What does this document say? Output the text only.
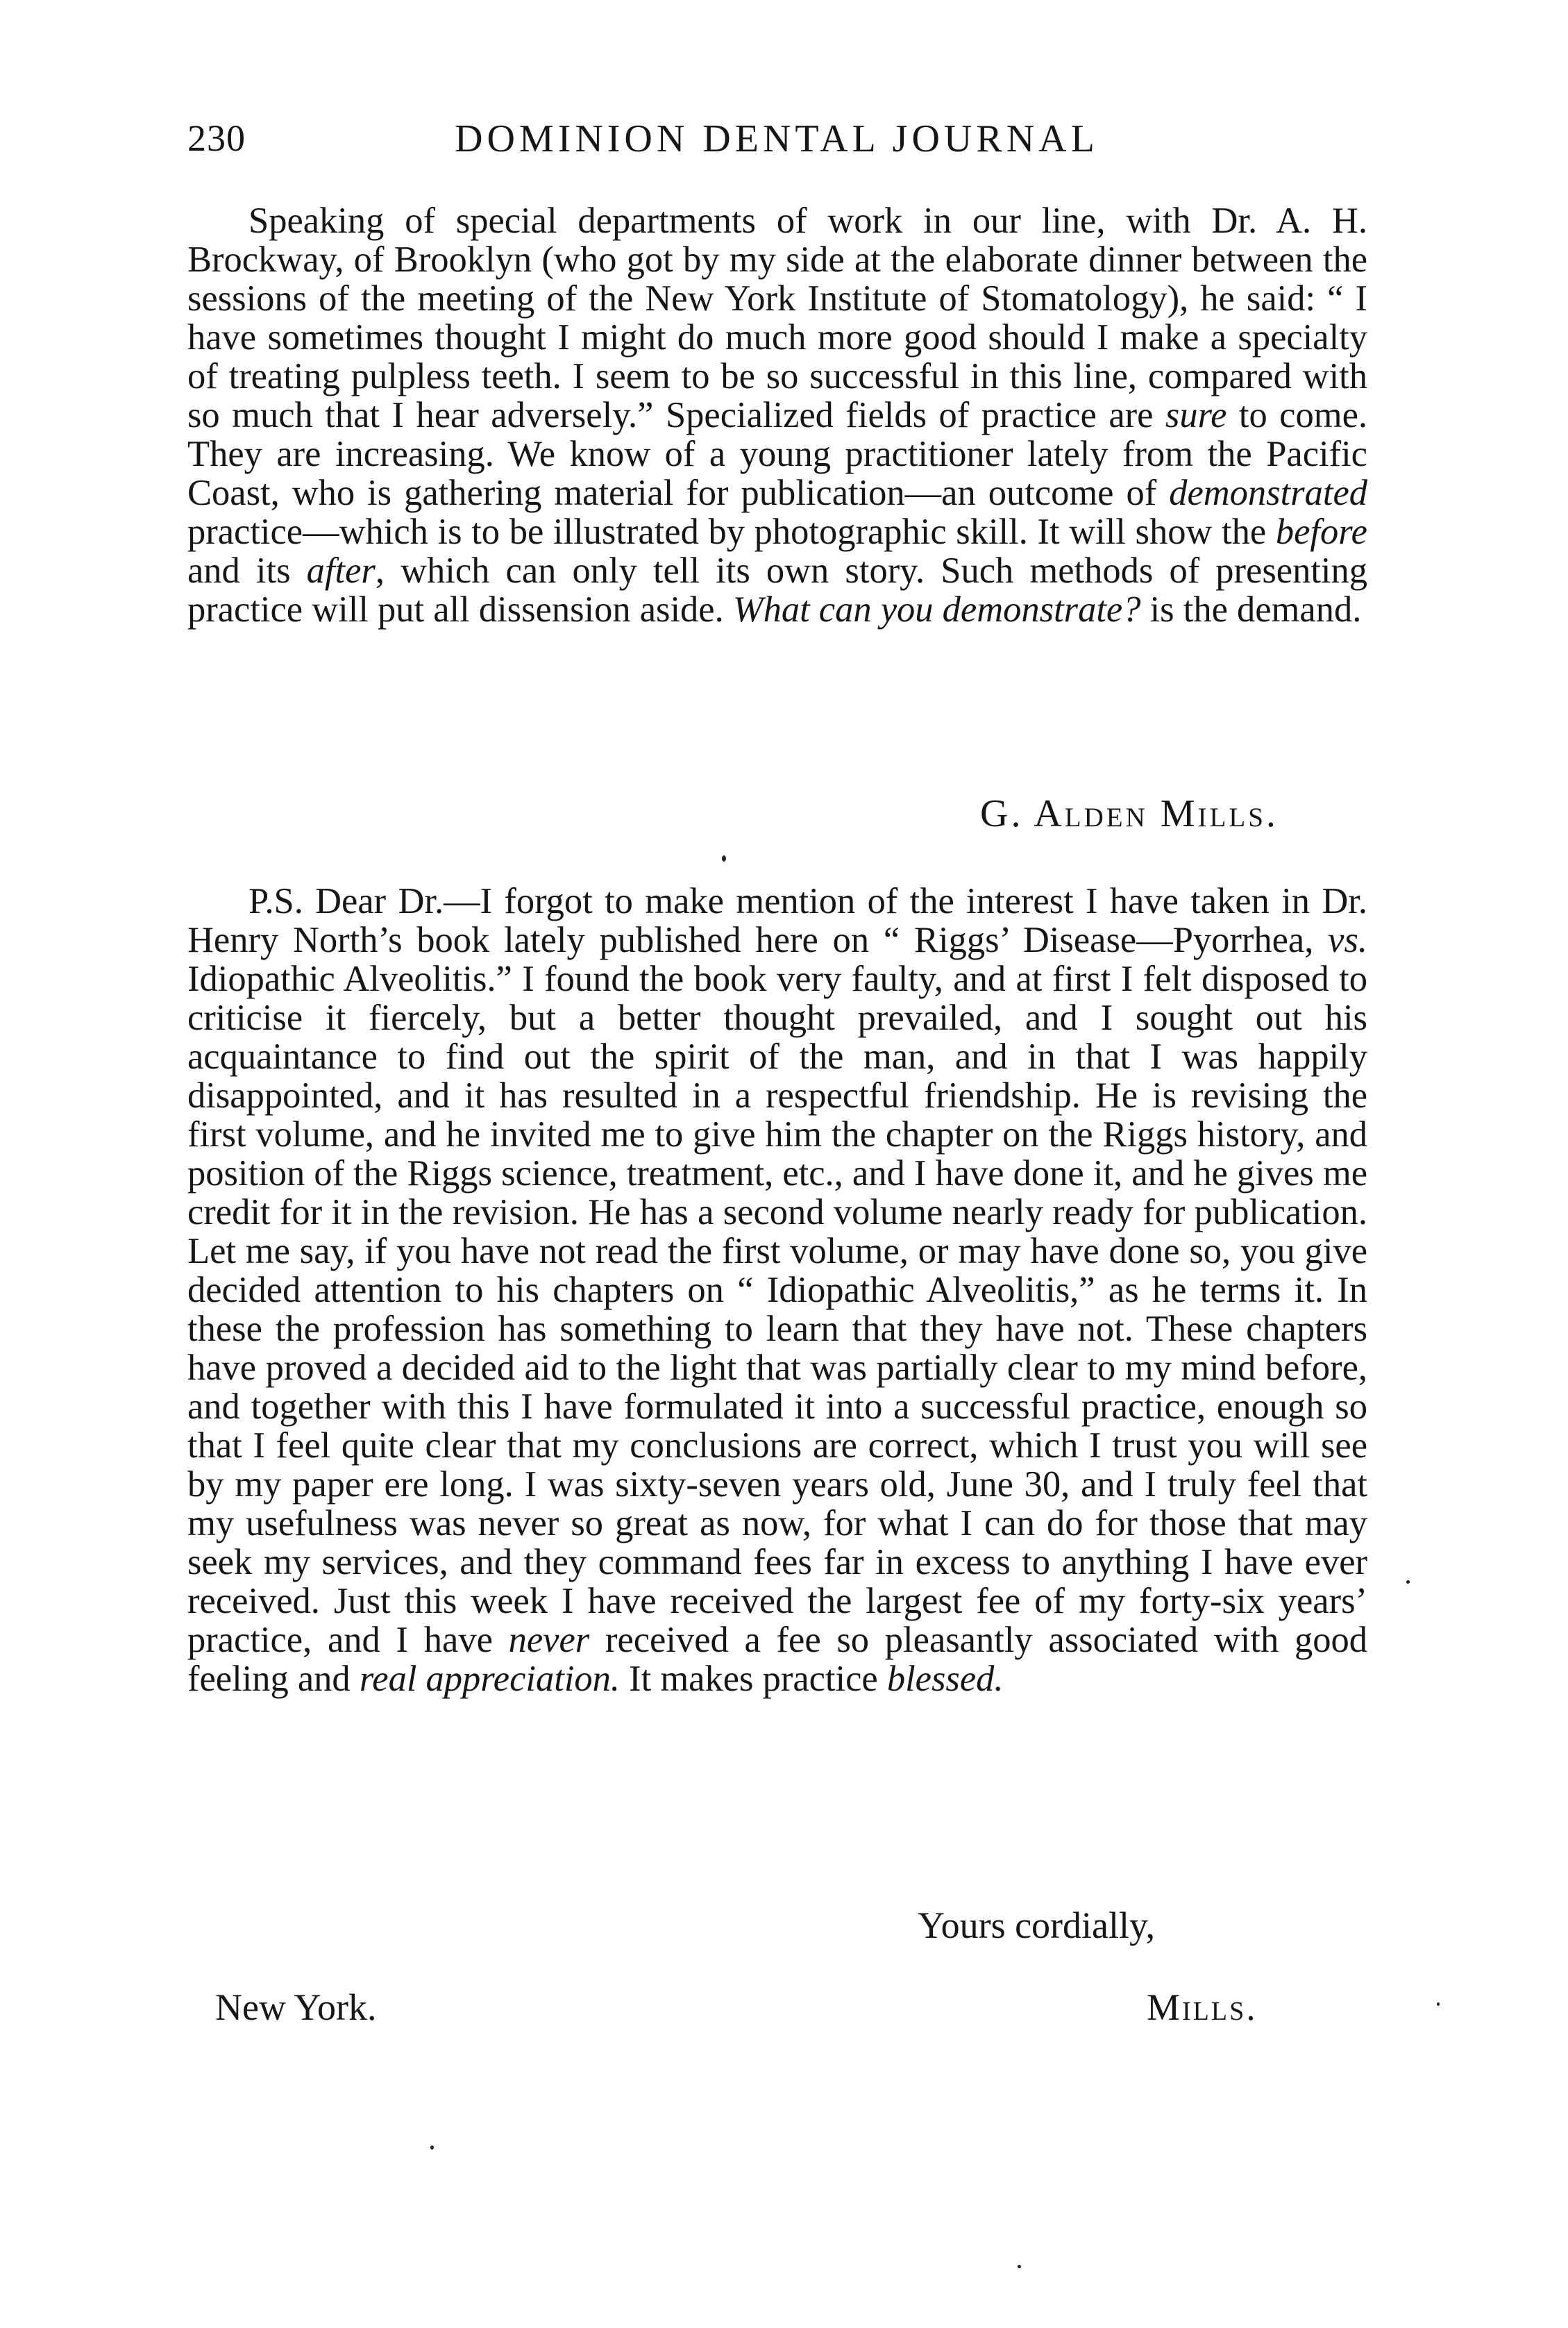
230	DOMINION DENTAL JOURNAL

Speaking of special departments of work in our line, with Dr. A. H. Brockway, of Brooklyn (who got by my side at the elaborate dinner between the sessions of the meeting of the New York Institute of Stomatology), he said: “ I have sometimes thought I might do much more good should I make a specialty of treating pulpless teeth. I seem to be so successful in this line, compared with so much that I hear adversely.” Specialized fields of practice are sure to come. They are increasing. We know of a young practitioner lately from the Pacific Coast, who is gathering material for publication—an outcome of demonstrated practice—which is to be illustrated by photographic skill. It will show the before and its after, which can only tell its own story. Such methods of presenting practice will put all dissension aside. What can you demonstrate? is the demand.

G. Alden Mills.

P.S. Dear Dr.—I forgot to make mention of the interest I have taken in Dr. Henry North’s book lately published here on “ Riggs’ Disease—Pyorrhea, vs. Idiopathic Alveolitis.” I found the book very faulty, and at first I felt disposed to criticise it fiercely, but a better thought prevailed, and I sought out his acquaintance to find out the spirit of the man, and in that I was happily disappointed, and it has resulted in a respectful friendship. He is revising the first volume, and he invited me to give him the chapter on the Riggs history, and position of the Riggs science, treatment, etc., and I have done it, and he gives me credit for it in the revision. He has a second volume nearly ready for publication. Let me say, if you have not read the first volume, or may have done so, you give decided attention to his chapters on “ Idiopathic Alveolitis,” as he terms it. In these the profession has something to learn that they have not. These chapters have proved a decided aid to the light that was partially clear to my mind before, and together with this I have formulated it into a successful practice, enough so that I feel quite clear that my conclusions are correct, which I trust you will see by my paper ere long. I was sixty-seven years old, June 30, and I truly feel that my usefulness was never so great as now, for what I can do for those that may seek my services, and they command fees far in excess to anything I have ever received. Just this week I have received the largest fee of my forty-six years’ practice, and I have never received a fee so pleasantly associated with good feeling and real appreciation. It makes practice blessed.

Yours cordially,
New York.	Mills.
